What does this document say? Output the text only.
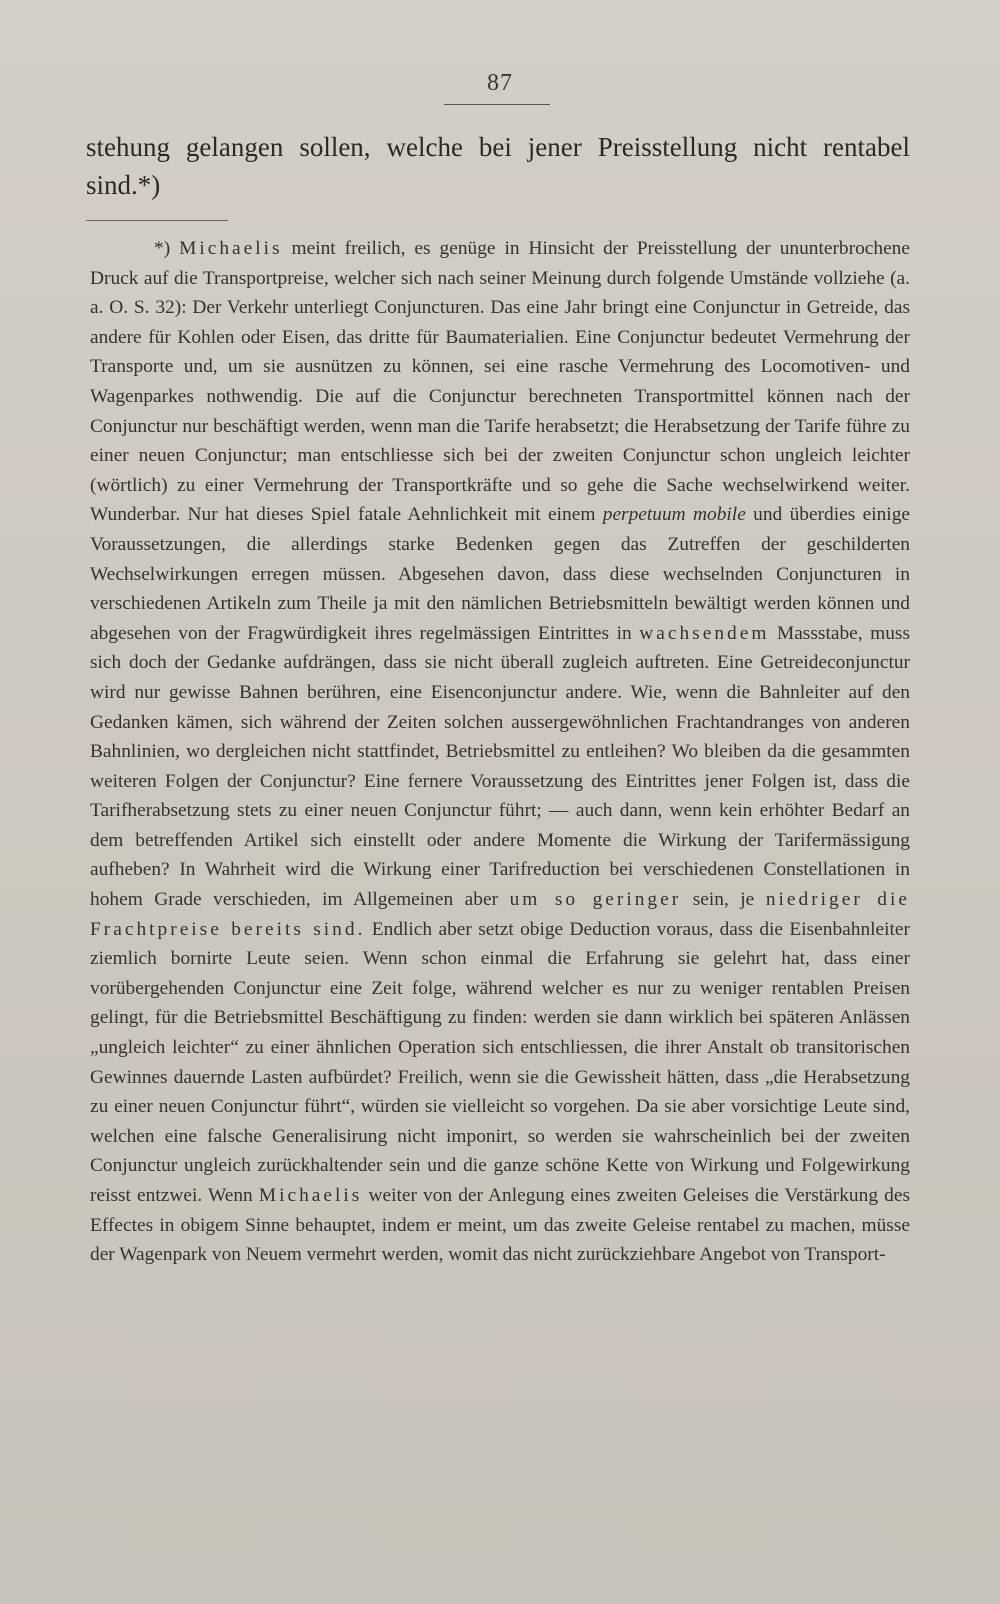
87

stehung gelangen sollen, welche bei jener Preisstellung nicht rentabel sind.*)

*) Michaelis meint freilich, es genüge in Hinsicht der Preisstellung der ununterbrochene Druck auf die Transportpreise, welcher sich nach seiner Meinung durch folgende Umstände vollziehe (a. a. O. S. 32): Der Verkehr unterliegt Conjuncturen. Das eine Jahr bringt eine Conjunctur in Getreide, das andere für Kohlen oder Eisen, das dritte für Baumaterialien. Eine Conjunctur bedeutet Vermehrung der Transporte und, um sie ausnützen zu können, sei eine rasche Vermehrung des Locomotiven- und Wagenparkes nothwendig. Die auf die Conjunctur berechneten Transportmittel können nach der Conjunctur nur beschäftigt werden, wenn man die Tarife herabsetzt; die Herabsetzung der Tarife führe zu einer neuen Conjunctur; man entschliesse sich bei der zweiten Conjunctur schon ungleich leichter (wörtlich) zu einer Vermehrung der Transportkräfte und so gehe die Sache wechselwirkend weiter. Wunderbar. Nur hat dieses Spiel fatale Aehnlichkeit mit einem perpetuum mobile und überdies einige Voraussetzungen, die allerdings starke Bedenken gegen das Zutreffen der geschilderten Wechselwirkungen erregen müssen. Abgesehen davon, dass diese wechselnden Conjuncturen in verschiedenen Artikeln zum Theile ja mit den nämlichen Betriebsmitteln bewältigt werden können und abgesehen von der Fragwürdigkeit ihres regelmässigen Eintrittes in wachsendem Massstabe, muss sich doch der Gedanke aufdrängen, dass sie nicht überall zugleich auftreten. Eine Getreideconjunctur wird nur gewisse Bahnen berühren, eine Eisenconjunctur andere. Wie, wenn die Bahnleiter auf den Gedanken kämen, sich während der Zeiten solchen aussergewöhnlichen Frachtandranges von anderen Bahnlinien, wo dergleichen nicht stattfindet, Betriebsmittel zu entleihen? Wo bleiben da die gesammten weiteren Folgen der Conjunctur? Eine fernere Voraussetzung des Eintrittes jener Folgen ist, dass die Tarifherabsetzung stets zu einer neuen Conjunctur führt; — auch dann, wenn kein erhöhter Bedarf an dem betreffenden Artikel sich einstellt oder andere Momente die Wirkung der Tarifermässigung aufheben? In Wahrheit wird die Wirkung einer Tarifreduction bei verschiedenen Constellationen in hohem Grade verschieden, im Allgemeinen aber um so geringer sein, je niedriger die Frachtpreise bereits sind. Endlich aber setzt obige Deduction voraus, dass die Eisenbahnleiter ziemlich bornirte Leute seien. Wenn schon einmal die Erfahrung sie gelehrt hat, dass einer vorübergehenden Conjunctur eine Zeit folge, während welcher es nur zu weniger rentablen Preisen gelingt, für die Betriebsmittel Beschäftigung zu finden: werden sie dann wirklich bei späteren Anlässen „ungleich leichter“ zu einer ähnlichen Operation sich entschliessen, die ihrer Anstalt ob transitorischen Gewinnes dauernde Lasten aufbürdet? Freilich, wenn sie die Gewissheit hätten, dass „die Herabsetzung zu einer neuen Conjunctur führt“, würden sie vielleicht so vorgehen. Da sie aber vorsichtige Leute sind, welchen eine falsche Generalisirung nicht imponirt, so werden sie wahrscheinlich bei der zweiten Conjunctur ungleich zurückhaltender sein und die ganze schöne Kette von Wirkung und Folgewirkung reisst entzwei. Wenn Michaelis weiter von der Anlegung eines zweiten Geleises die Verstärkung des Effectes in obigem Sinne behauptet, indem er meint, um das zweite Geleise rentabel zu machen, müsse der Wagenpark von Neuem vermehrt werden, womit das nicht zurückziehbare Angebot von Transport-
